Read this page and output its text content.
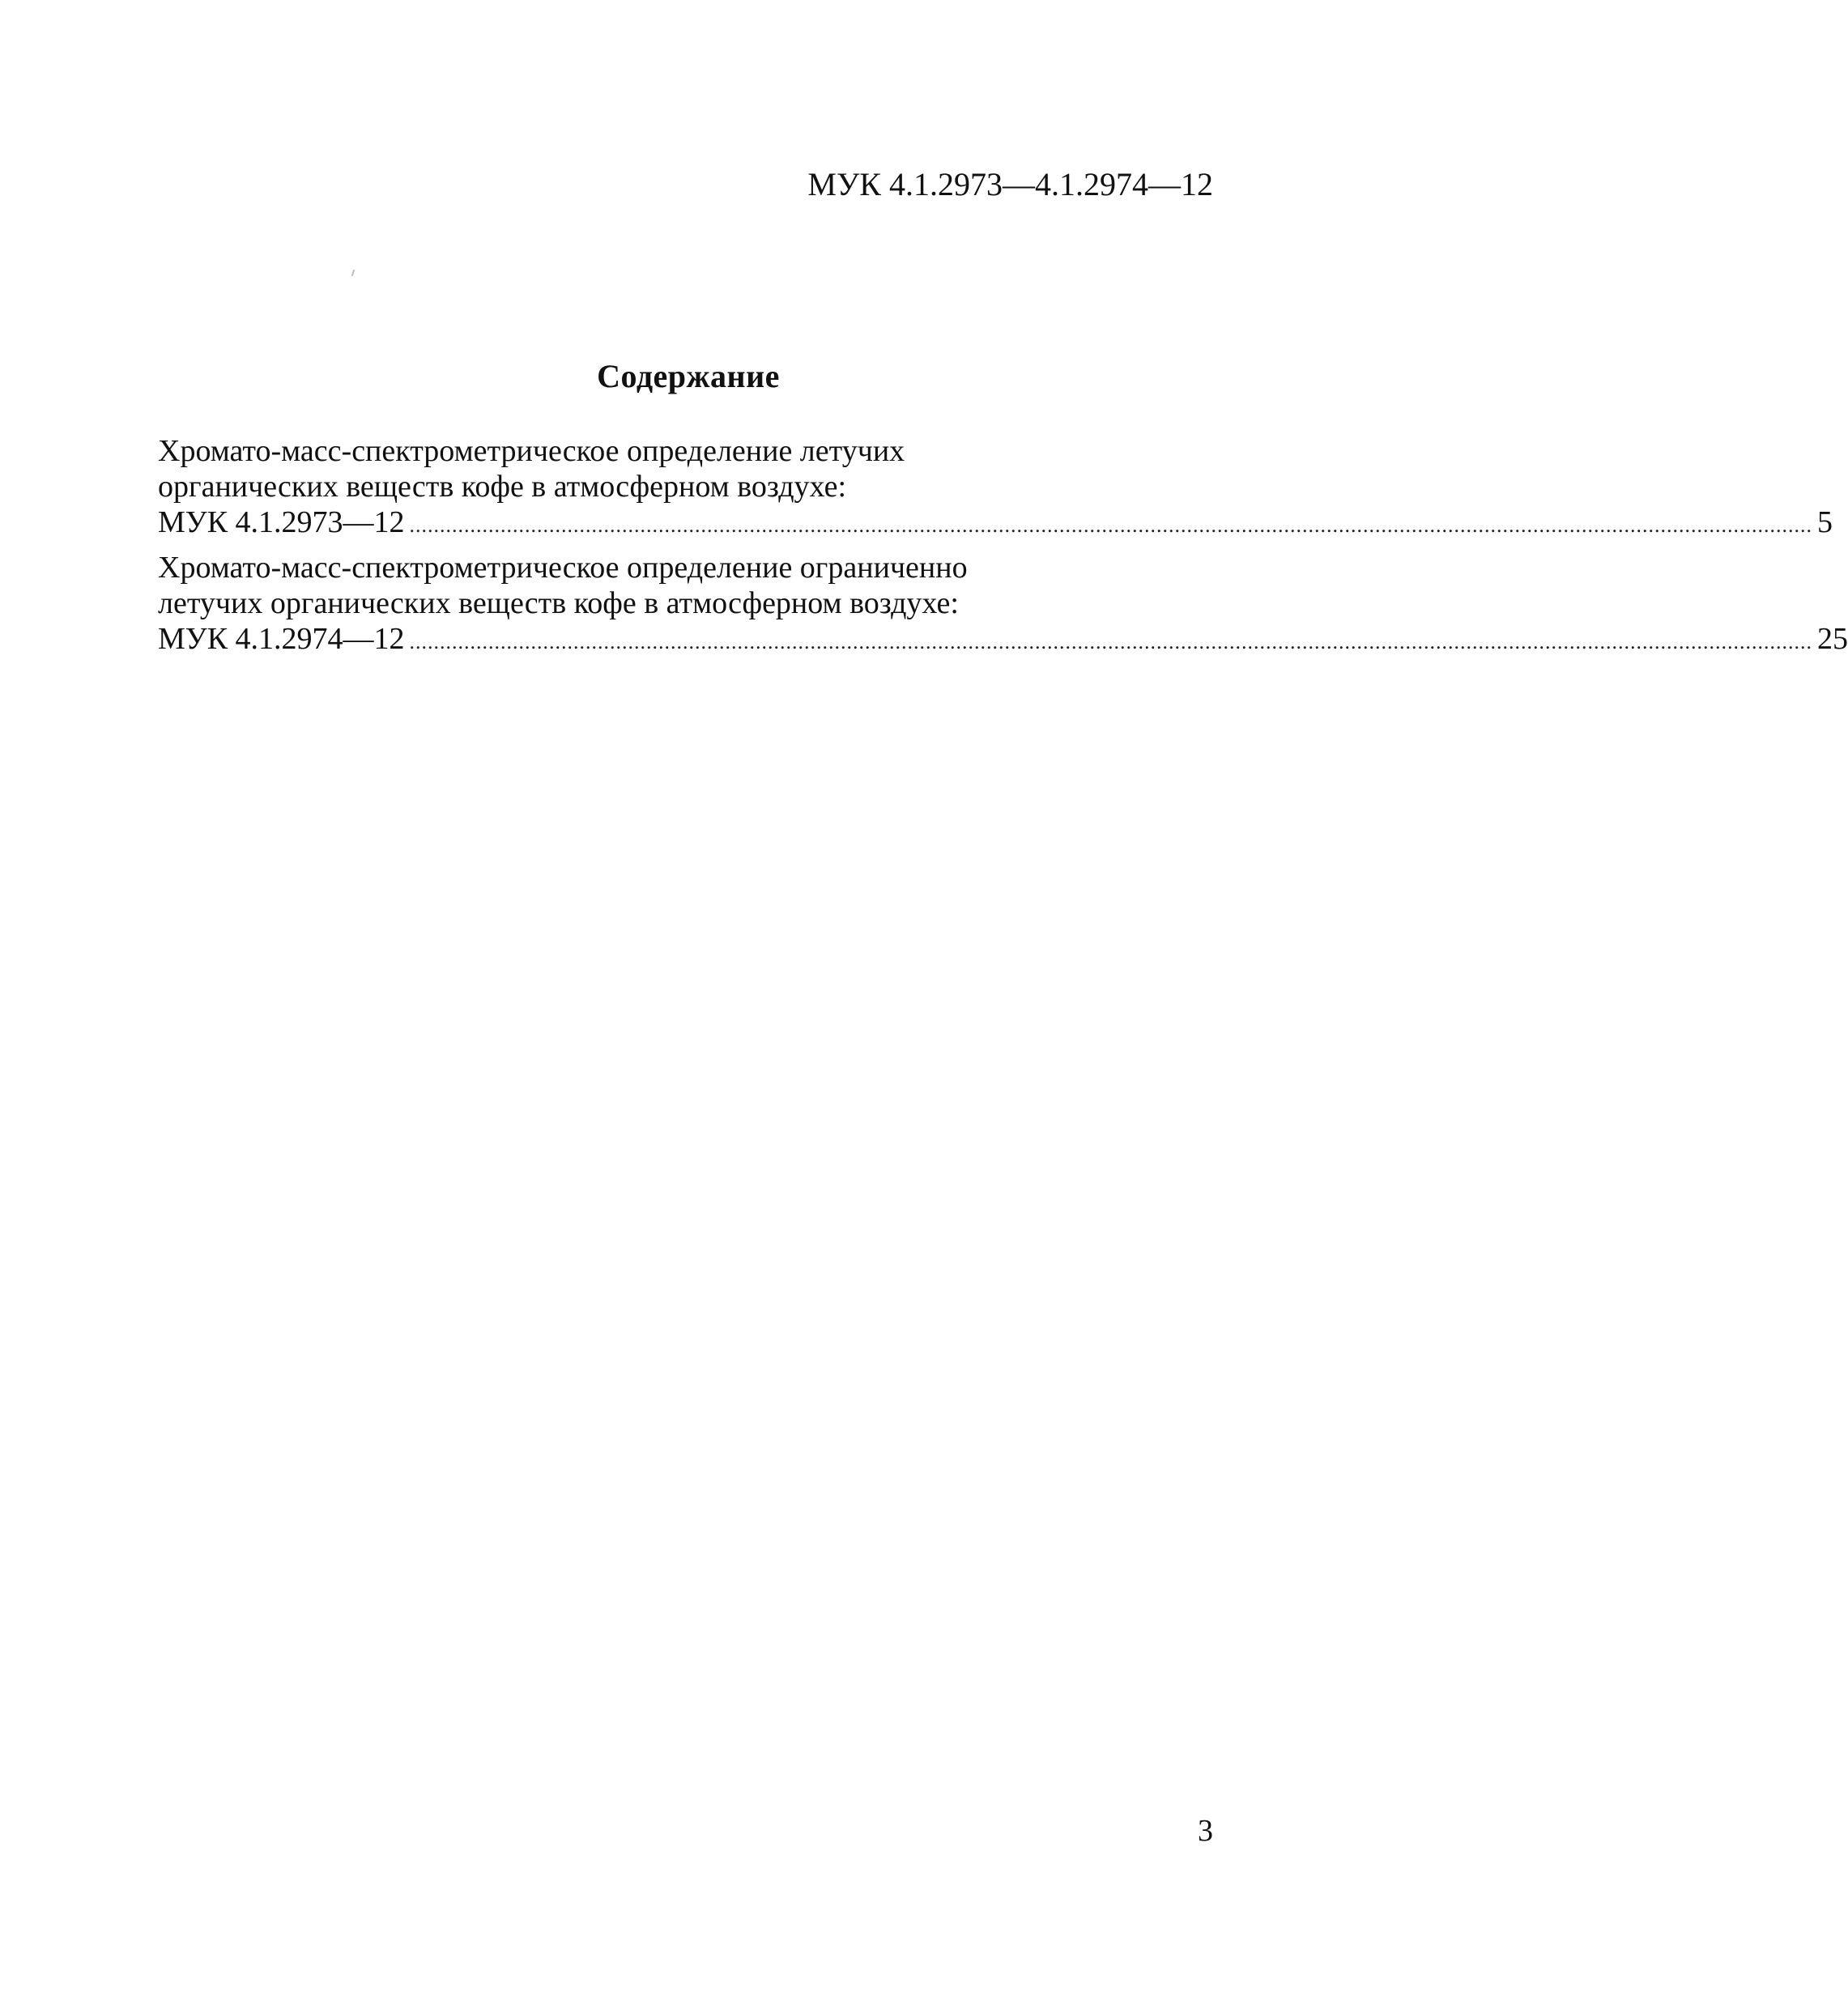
МУК 4.1.2973—4.1.2974—12
Содержание
Хромато-масс-спектрометрическое определение летучих
органических веществ кофе в атмосферном воздухе:
МУК 4.1.2973—12 ....................................................................................................................................................................................................................................... 5
Хромато-масс-спектрометрическое определение ограниченно
летучих органических веществ кофе в атмосферном воздухе:
МУК 4.1.2974—12 ....................................................................................................................................................................................................................................... 25
3
